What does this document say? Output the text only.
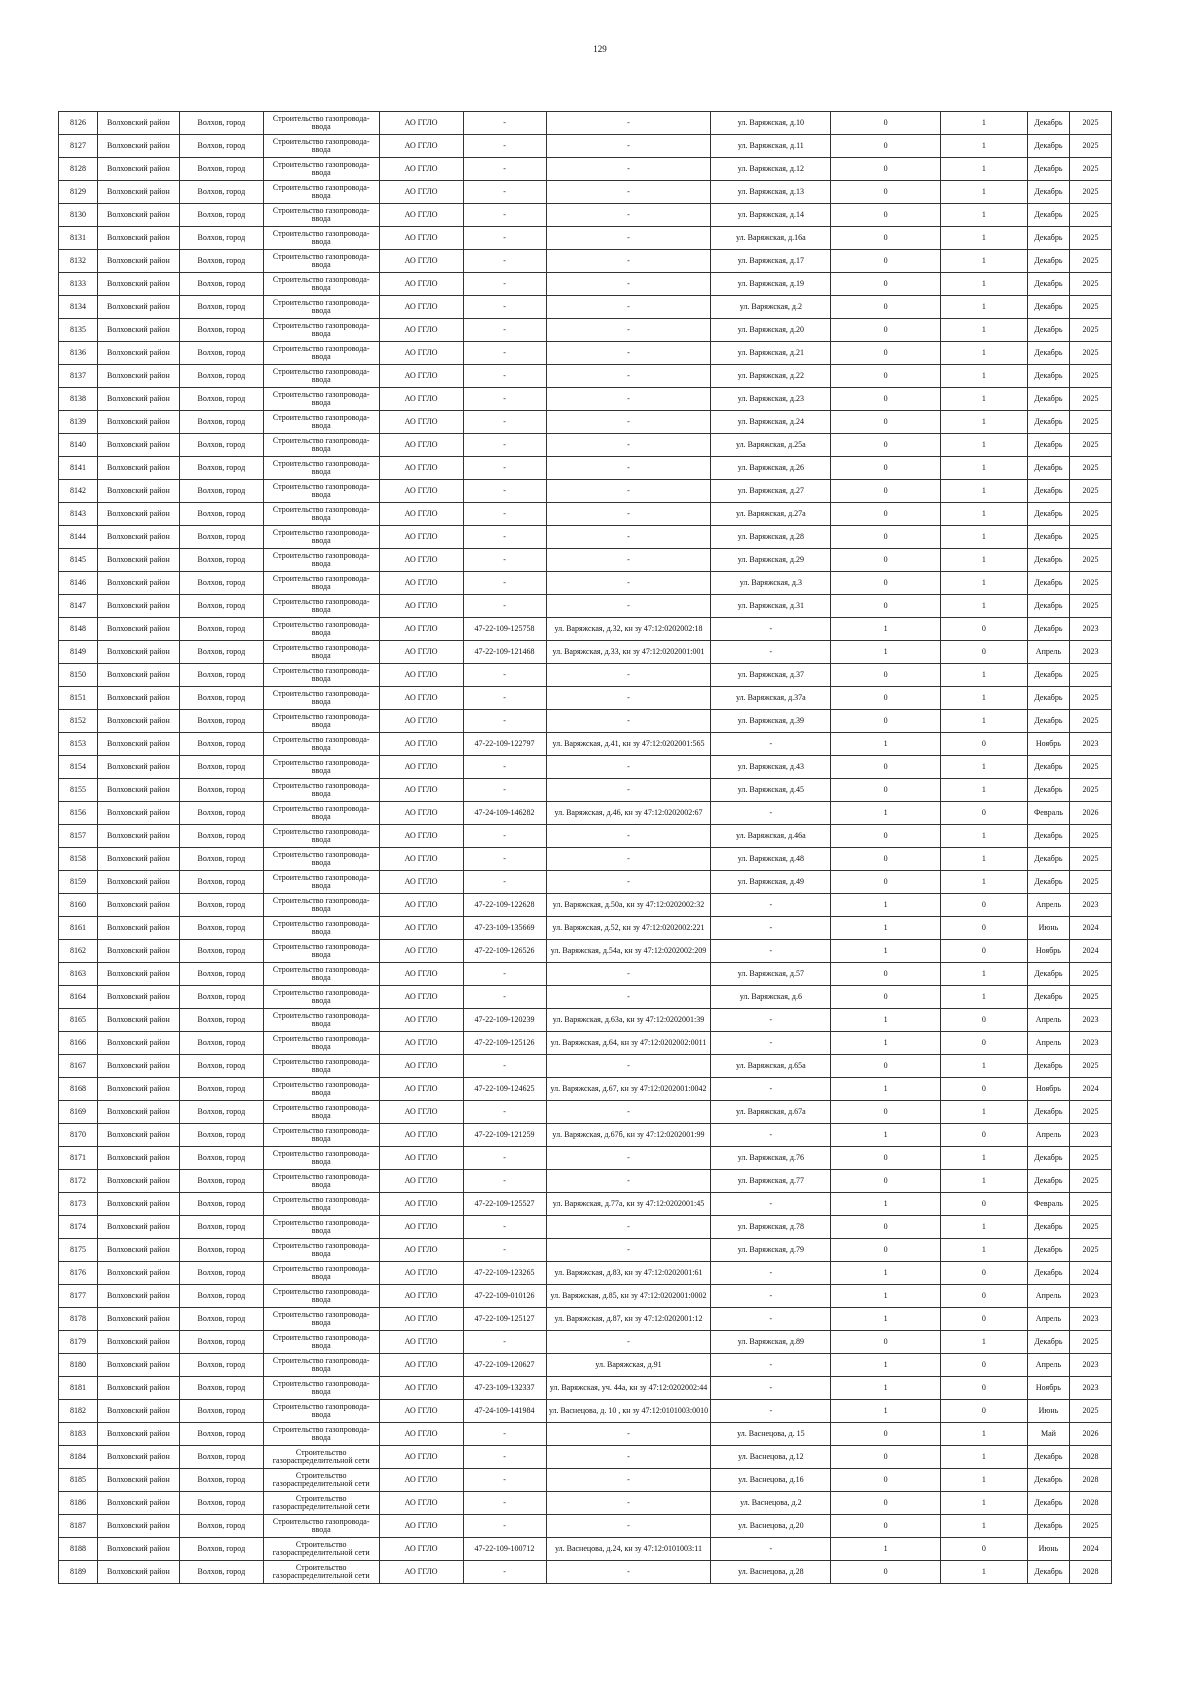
129
8126	Волховский район	Волхов, город	Строительство газопровода-ввода	АО ГГЛО	-	-	ул. Варяжская, д.10	0	1	Декабрь	2025
8127	Волховский район	Волхов, город	Строительство газопровода-ввода	АО ГГЛО	-	-	ул. Варяжская, д.11	0	1	Декабрь	2025
8128	Волховский район	Волхов, город	Строительство газопровода-ввода	АО ГГЛО	-	-	ул. Варяжская, д.12	0	1	Декабрь	2025
8129	Волховский район	Волхов, город	Строительство газопровода-ввода	АО ГГЛО	-	-	ул. Варяжская, д.13	0	1	Декабрь	2025
8130	Волховский район	Волхов, город	Строительство газопровода-ввода	АО ГГЛО	-	-	ул. Варяжская, д.14	0	1	Декабрь	2025
8131	Волховский район	Волхов, город	Строительство газопровода-ввода	АО ГГЛО	-	-	ул. Варяжская, д.16а	0	1	Декабрь	2025
8132	Волховский район	Волхов, город	Строительство газопровода-ввода	АО ГГЛО	-	-	ул. Варяжская, д.17	0	1	Декабрь	2025
8133	Волховский район	Волхов, город	Строительство газопровода-ввода	АО ГГЛО	-	-	ул. Варяжская, д.19	0	1	Декабрь	2025
8134	Волховский район	Волхов, город	Строительство газопровода-ввода	АО ГГЛО	-	-	ул. Варяжская, д.2	0	1	Декабрь	2025
8135	Волховский район	Волхов, город	Строительство газопровода-ввода	АО ГГЛО	-	-	ул. Варяжская, д.20	0	1	Декабрь	2025
8136	Волховский район	Волхов, город	Строительство газопровода-ввода	АО ГГЛО	-	-	ул. Варяжская, д.21	0	1	Декабрь	2025
8137	Волховский район	Волхов, город	Строительство газопровода-ввода	АО ГГЛО	-	-	ул. Варяжская, д.22	0	1	Декабрь	2025
8138	Волховский район	Волхов, город	Строительство газопровода-ввода	АО ГГЛО	-	-	ул. Варяжская, д.23	0	1	Декабрь	2025
8139	Волховский район	Волхов, город	Строительство газопровода-ввода	АО ГГЛО	-	-	ул. Варяжская, д.24	0	1	Декабрь	2025
8140	Волховский район	Волхов, город	Строительство газопровода-ввода	АО ГГЛО	-	-	ул. Варяжская, д.25а	0	1	Декабрь	2025
8141	Волховский район	Волхов, город	Строительство газопровода-ввода	АО ГГЛО	-	-	ул. Варяжская, д.26	0	1	Декабрь	2025
8142	Волховский район	Волхов, город	Строительство газопровода-ввода	АО ГГЛО	-	-	ул. Варяжская, д.27	0	1	Декабрь	2025
8143	Волховский район	Волхов, город	Строительство газопровода-ввода	АО ГГЛО	-	-	ул. Варяжская, д.27а	0	1	Декабрь	2025
8144	Волховский район	Волхов, город	Строительство газопровода-ввода	АО ГГЛО	-	-	ул. Варяжская, д.28	0	1	Декабрь	2025
8145	Волховский район	Волхов, город	Строительство газопровода-ввода	АО ГГЛО	-	-	ул. Варяжская, д.29	0	1	Декабрь	2025
8146	Волховский район	Волхов, город	Строительство газопровода-ввода	АО ГГЛО	-	-	ул. Варяжская, д.3	0	1	Декабрь	2025
8147	Волховский район	Волхов, город	Строительство газопровода-ввода	АО ГГЛО	-	-	ул. Варяжская, д.31	0	1	Декабрь	2025
8148	Волховский район	Волхов, город	Строительство газопровода-ввода	АО ГГЛО	47-22-109-125758	ул. Варяжская, д.32, кн зу 47:12:0202002:18	-	1	0	Декабрь	2023
8149	Волховский район	Волхов, город	Строительство газопровода-ввода	АО ГГЛО	47-22-109-121468	ул. Варяжская, д.33, кн зу 47:12:0202001:001	-	1	0	Апрель	2023
8150	Волховский район	Волхов, город	Строительство газопровода-ввода	АО ГГЛО	-	-	ул. Варяжская, д.37	0	1	Декабрь	2025
8151	Волховский район	Волхов, город	Строительство газопровода-ввода	АО ГГЛО	-	-	ул. Варяжская, д.37а	0	1	Декабрь	2025
8152	Волховский район	Волхов, город	Строительство газопровода-ввода	АО ГГЛО	-	-	ул. Варяжская, д.39	0	1	Декабрь	2025
8153	Волховский район	Волхов, город	Строительство газопровода-ввода	АО ГГЛО	47-22-109-122797	ул. Варяжская, д.41, кн зу 47:12:0202001:565	-	1	0	Ноябрь	2023
8154	Волховский район	Волхов, город	Строительство газопровода-ввода	АО ГГЛО	-	-	ул. Варяжская, д.43	0	1	Декабрь	2025
8155	Волховский район	Волхов, город	Строительство газопровода-ввода	АО ГГЛО	-	-	ул. Варяжская, д.45	0	1	Декабрь	2025
8156	Волховский район	Волхов, город	Строительство газопровода-ввода	АО ГГЛО	47-24-109-146282	ул. Варяжская, д.46, кн зу 47:12:0202002:67	-	1	0	Февраль	2026
8157	Волховский район	Волхов, город	Строительство газопровода-ввода	АО ГГЛО	-	-	ул. Варяжская, д.46а	0	1	Декабрь	2025
8158	Волховский район	Волхов, город	Строительство газопровода-ввода	АО ГГЛО	-	-	ул. Варяжская, д.48	0	1	Декабрь	2025
8159	Волховский район	Волхов, город	Строительство газопровода-ввода	АО ГГЛО	-	-	ул. Варяжская, д.49	0	1	Декабрь	2025
8160	Волховский район	Волхов, город	Строительство газопровода-ввода	АО ГГЛО	47-22-109-122628	ул. Варяжская, д.50а, кн зу 47:12:0202002:32	-	1	0	Апрель	2023
8161	Волховский район	Волхов, город	Строительство газопровода-ввода	АО ГГЛО	47-23-109-135669	ул. Варяжская, д.52, кн зу 47:12:0202002:221	-	1	0	Июнь	2024
8162	Волховский район	Волхов, город	Строительство газопровода-ввода	АО ГГЛО	47-22-109-126526	ул. Варяжская, д.54а, кн зу 47:12:0202002:209	-	1	0	Ноябрь	2024
8163	Волховский район	Волхов, город	Строительство газопровода-ввода	АО ГГЛО	-	-	ул. Варяжская, д.57	0	1	Декабрь	2025
8164	Волховский район	Волхов, город	Строительство газопровода-ввода	АО ГГЛО	-	-	ул. Варяжская, д.6	0	1	Декабрь	2025
8165	Волховский район	Волхов, город	Строительство газопровода-ввода	АО ГГЛО	47-22-109-120239	ул. Варяжская, д.63а, кн зу 47:12:0202001:39	-	1	0	Апрель	2023
8166	Волховский район	Волхов, город	Строительство газопровода-ввода	АО ГГЛО	47-22-109-125126	ул. Варяжская, д.64, кн зу 47:12:0202002:0011	-	1	0	Апрель	2023
8167	Волховский район	Волхов, город	Строительство газопровода-ввода	АО ГГЛО	-	-	ул. Варяжская, д.65а	0	1	Декабрь	2025
8168	Волховский район	Волхов, город	Строительство газопровода-ввода	АО ГГЛО	47-22-109-124625	ул. Варяжская, д.67, кн зу 47:12:0202001:0042	-	1	0	Ноябрь	2024
8169	Волховский район	Волхов, город	Строительство газопровода-ввода	АО ГГЛО	-	-	ул. Варяжская, д.67а	0	1	Декабрь	2025
8170	Волховский район	Волхов, город	Строительство газопровода-ввода	АО ГГЛО	47-22-109-121259	ул. Варяжская, д.67б, кн зу 47:12:0202001:99	-	1	0	Апрель	2023
8171	Волховский район	Волхов, город	Строительство газопровода-ввода	АО ГГЛО	-	-	ул. Варяжская, д.76	0	1	Декабрь	2025
8172	Волховский район	Волхов, город	Строительство газопровода-ввода	АО ГГЛО	-	-	ул. Варяжская, д.77	0	1	Декабрь	2025
8173	Волховский район	Волхов, город	Строительство газопровода-ввода	АО ГГЛО	47-22-109-125527	ул. Варяжская, д.77а, кн зу 47:12:0202001:45	-	1	0	Февраль	2025
8174	Волховский район	Волхов, город	Строительство газопровода-ввода	АО ГГЛО	-	-	ул. Варяжская, д.78	0	1	Декабрь	2025
8175	Волховский район	Волхов, город	Строительство газопровода-ввода	АО ГГЛО	-	-	ул. Варяжская, д.79	0	1	Декабрь	2025
8176	Волховский район	Волхов, город	Строительство газопровода-ввода	АО ГГЛО	47-22-109-123265	ул. Варяжская, д.83, кн зу 47:12:0202001:61	-	1	0	Декабрь	2024
8177	Волховский район	Волхов, город	Строительство газопровода-ввода	АО ГГЛО	47-22-109-010126	ул. Варяжская, д.85, кн зу 47:12:0202001:0002	-	1	0	Апрель	2023
8178	Волховский район	Волхов, город	Строительство газопровода-ввода	АО ГГЛО	47-22-109-125127	ул. Варяжская, д.87, кн зу 47:12:0202001:12	-	1	0	Апрель	2023
8179	Волховский район	Волхов, город	Строительство газопровода-ввода	АО ГГЛО	-	-	ул. Варяжская, д.89	0	1	Декабрь	2025
8180	Волховский район	Волхов, город	Строительство газопровода-ввода	АО ГГЛО	47-22-109-120627	ул. Варяжская, д.91	-	1	0	Апрель	2023
8181	Волховский район	Волхов, город	Строительство газопровода-ввода	АО ГГЛО	47-23-109-132337	ул. Варяжская, уч. 44а, кн зу 47:12:0202002:44	-	1	0	Ноябрь	2023
8182	Волховский район	Волхов, город	Строительство газопровода-ввода	АО ГГЛО	47-24-109-141984	ул. Васнецова, д. 10 , кн зу 47:12:0101003:0010	-	1	0	Июнь	2025
8183	Волховский район	Волхов, город	Строительство газопровода-ввода	АО ГГЛО	-	-	ул. Васнецова, д. 15	0	1	Май	2026
8184	Волховский район	Волхов, город	Строительство газораспределительной сети	АО ГГЛО	-	-	ул. Васнецова, д.12	0	1	Декабрь	2028
8185	Волховский район	Волхов, город	Строительство газораспределительной сети	АО ГГЛО	-	-	ул. Васнецова, д.16	0	1	Декабрь	2028
8186	Волховский район	Волхов, город	Строительство газораспределительной сети	АО ГГЛО	-	-	ул. Васнецова, д.2	0	1	Декабрь	2028
8187	Волховский район	Волхов, город	Строительство газопровода-ввода	АО ГГЛО	-	-	ул. Васнецова, д.20	0	1	Декабрь	2025
8188	Волховский район	Волхов, город	Строительство газораспределительной сети	АО ГГЛО	47-22-109-100712	ул. Васнецова, д.24, кн зу 47:12:0101003:11	-	1	0	Июнь	2024
8189	Волховский район	Волхов, город	Строительство газораспределительной сети	АО ГГЛО	-	-	ул. Васнецова, д.28	0	1	Декабрь	2028
